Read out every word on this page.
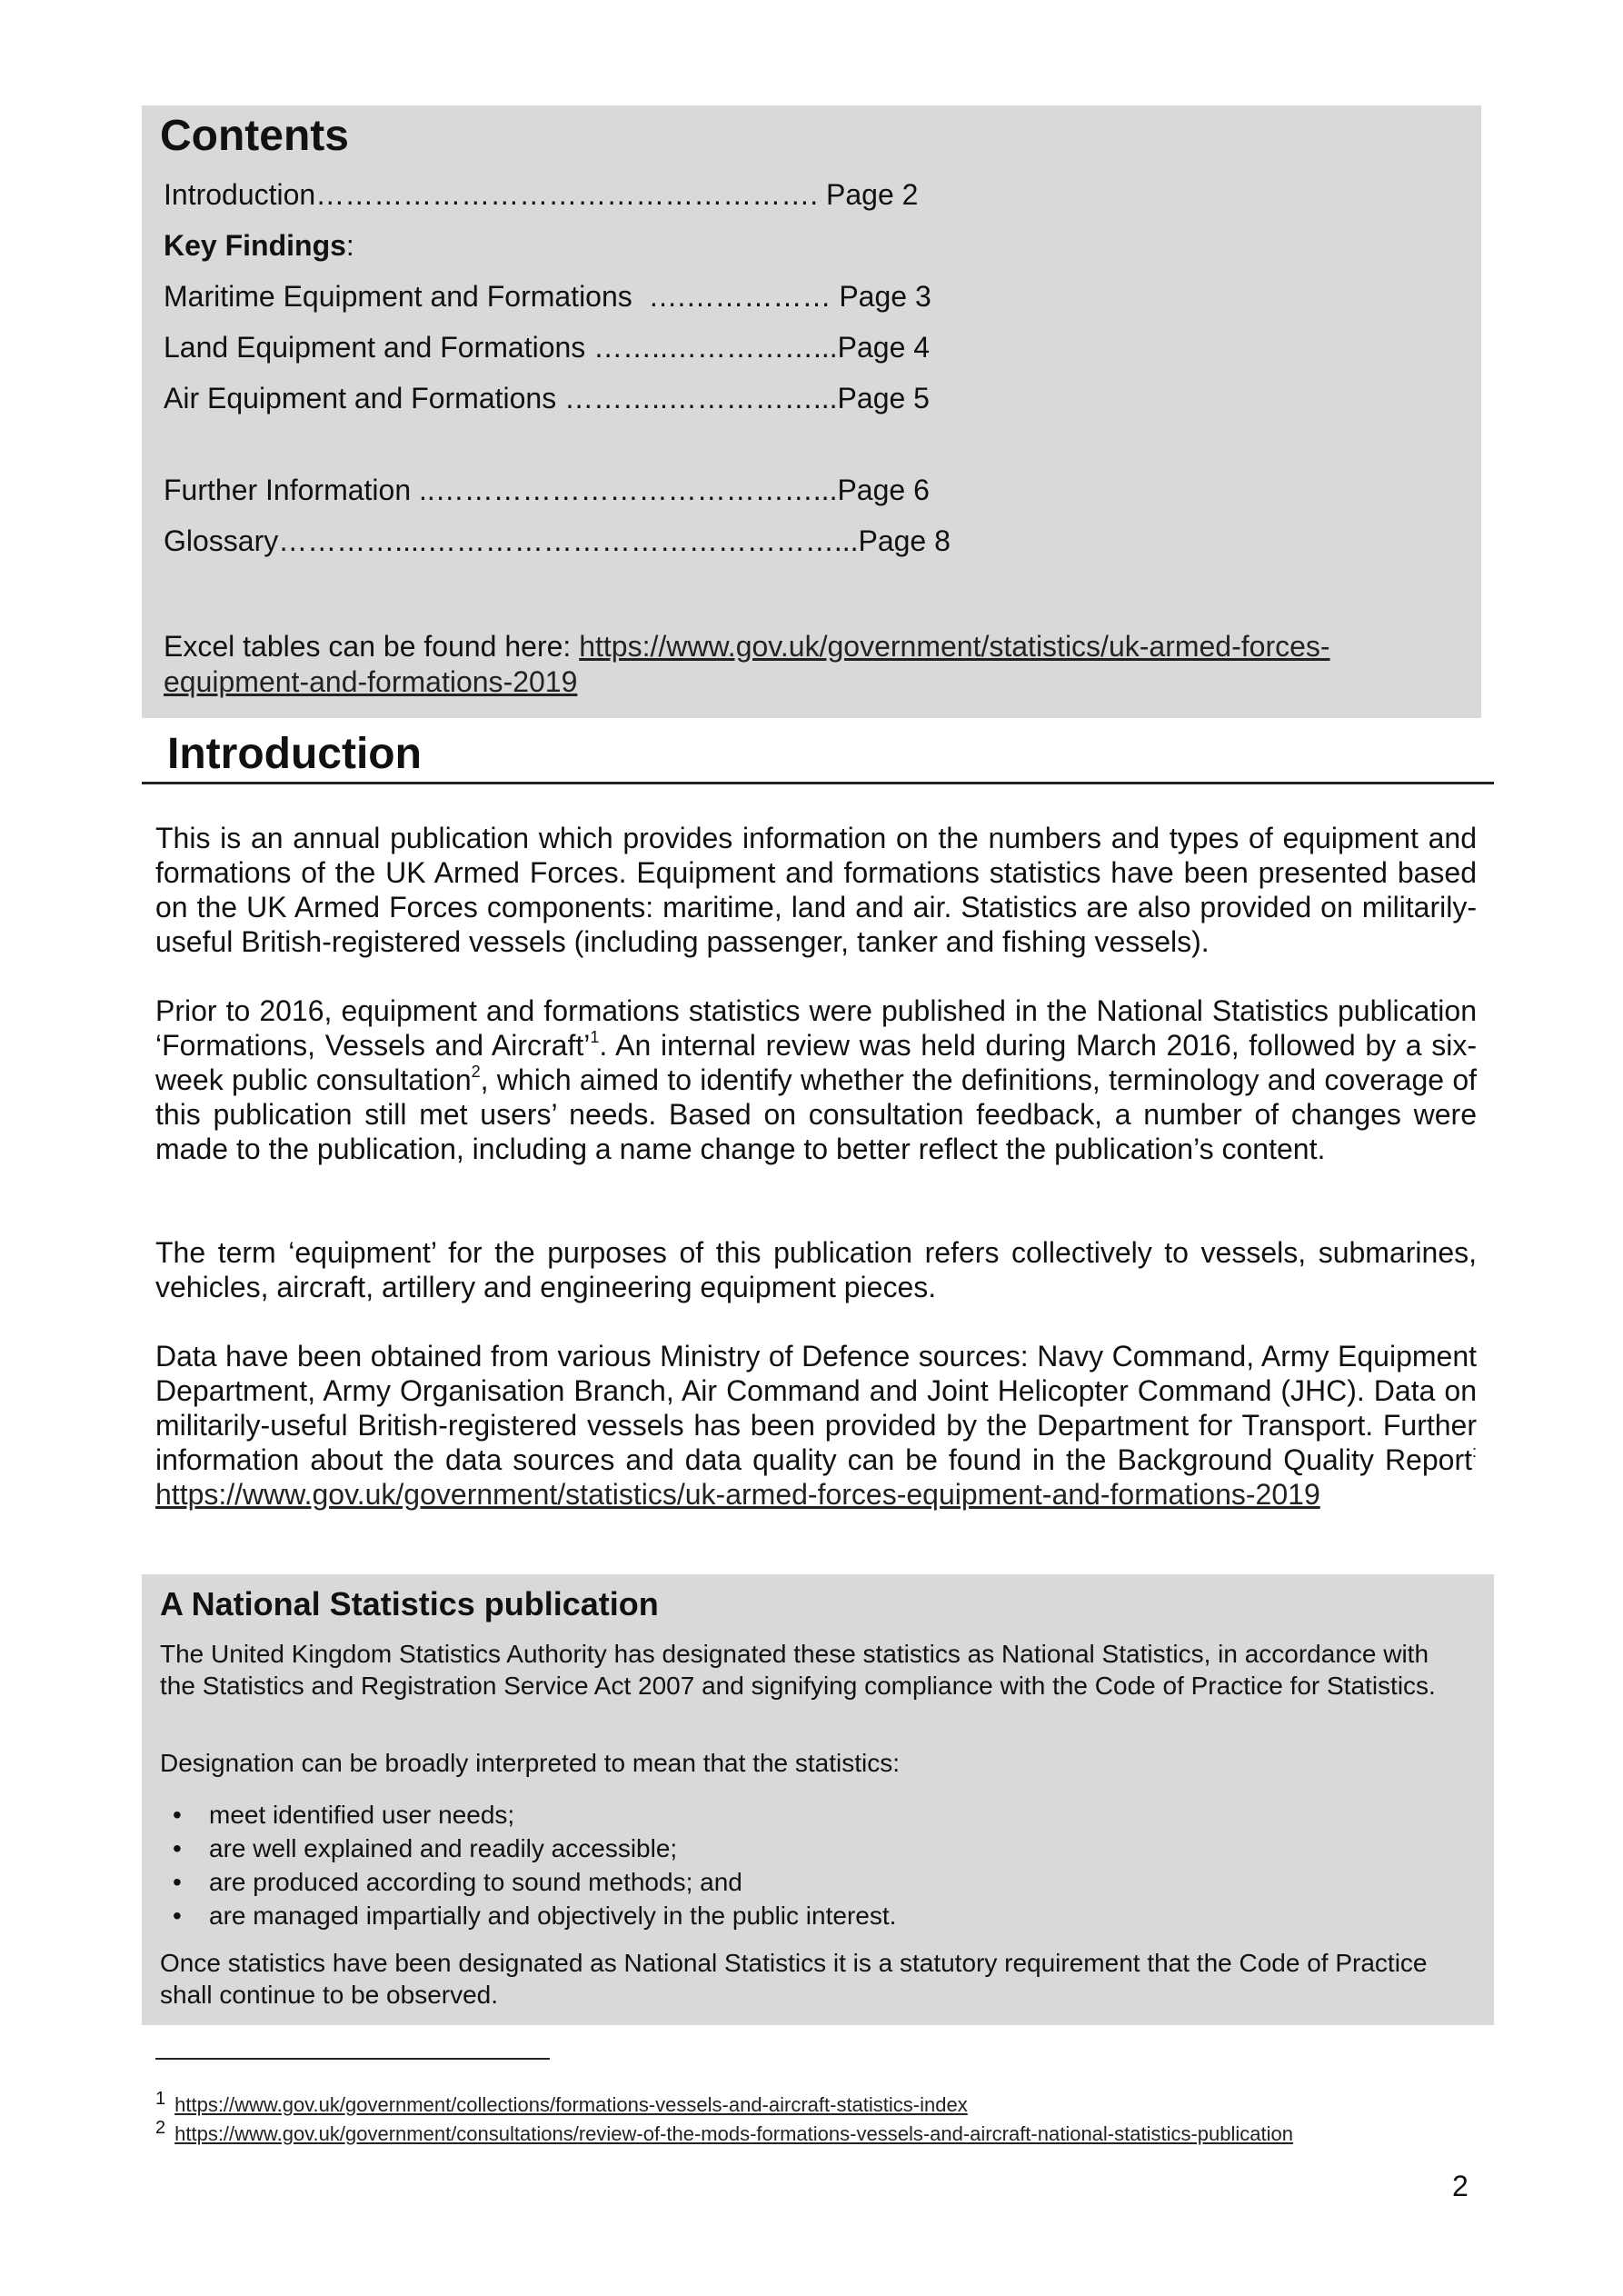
Contents
Introduction……………………………………………. Page 2
Key Findings:
Maritime Equipment and Formations  ….…………… Page 3
Land Equipment and Formations ……..……………...Page 4
Air Equipment and Formations ………..……………...Page 5
Further Information ..…………………………………...Page 6
Glossary…………....……………………………………...Page 8
Excel tables can be found here: https://www.gov.uk/government/statistics/uk-armed-forces-equipment-and-formations-2019
Introduction

This is an annual publication which provides information on the numbers and types of equipment and formations of the UK Armed Forces. Equipment and formations statistics have been presented based on the UK Armed Forces components: maritime, land and air. Statistics are also provided on militarily-useful British-registered vessels (including passenger, tanker and fishing vessels).

Prior to 2016, equipment and formations statistics were published in the National Statistics publication ‘Formations, Vessels and Aircraft’$^1$. An internal review was held during March 2016, followed by a six-week public consultation$^2$, which aimed to identify whether the definitions, terminology and coverage of this publication still met users’ needs. Based on consultation feedback, a number of changes were made to the publication, including a name change to better reflect the publication’s content.

The term ‘equipment’ for the purposes of this publication refers collectively to vessels, submarines, vehicles, aircraft, artillery and engineering equipment pieces.

Data have been obtained from various Ministry of Defence sources: Navy Command, Army Equipment Department, Army Organisation Branch, Air Command and Joint Helicopter Command (JHC). Data on militarily-useful British-registered vessels has been provided by the Department for Transport. Further information about the data sources and data quality can be found in the Background Quality Report: https://www.gov.uk/government/statistics/uk-armed-forces-equipment-and-formations-2019

A National Statistics publication

The United Kingdom Statistics Authority has designated these statistics as National Statistics, in accordance with the Statistics and Registration Service Act 2007 and signifying compliance with the Code of Practice for Statistics.

Designation can be broadly interpreted to mean that the statistics:

• meet identified user needs;
• are well explained and readily accessible;
• are produced according to sound methods; and
• are managed impartially and objectively in the public interest.

Once statistics have been designated as National Statistics it is a statutory requirement that the Code of Practice shall continue to be observed.

1 https://www.gov.uk/government/collections/formations-vessels-and-aircraft-statistics-index
2 https://www.gov.uk/government/consultations/review-of-the-mods-formations-vessels-and-aircraft-national-statistics-publication
2
